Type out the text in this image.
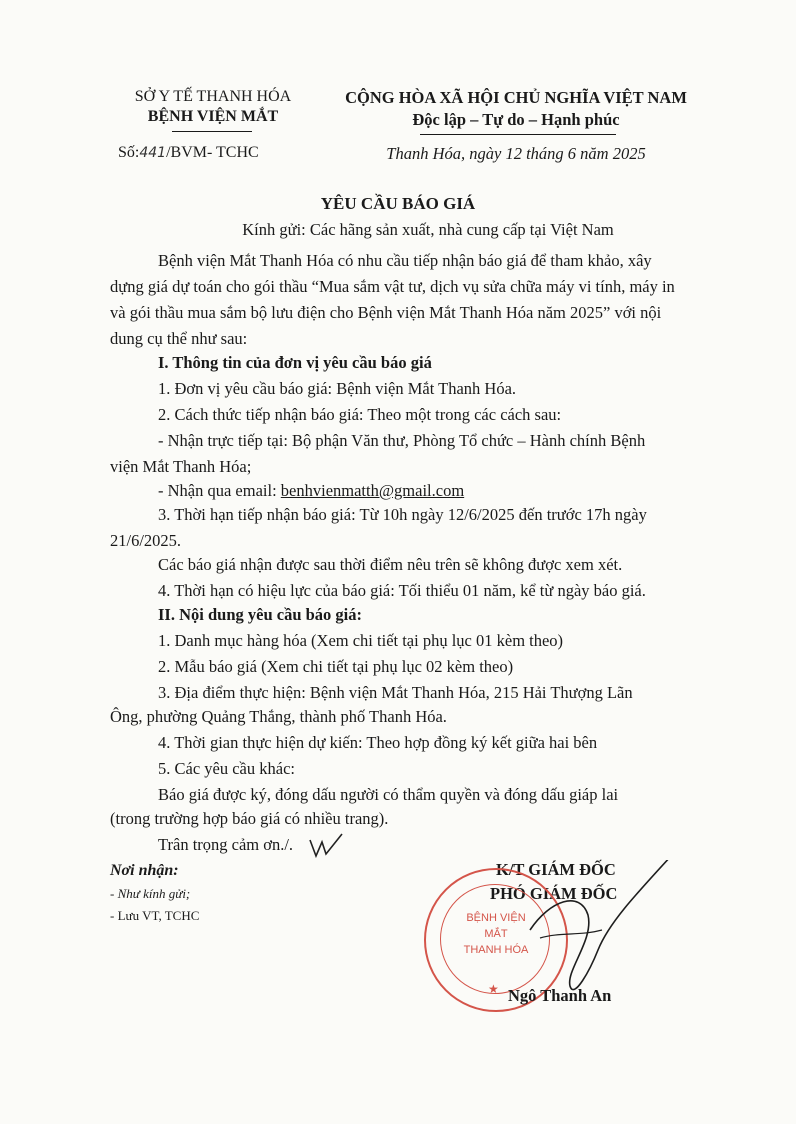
SỞ Y TẾ THANH HÓA
BỆNH VIỆN MẮT
Số:441/BVM- TCHC
CỘNG HÒA XÃ HỘI CHỦ NGHĨA VIỆT NAM
Độc lập – Tự do – Hạnh phúc
Thanh Hóa, ngày 12 tháng 6 năm 2025
YÊU CẦU BÁO GIÁ
Kính gửi: Các hãng sản xuất, nhà cung cấp tại Việt Nam
Bệnh viện Mắt Thanh Hóa có nhu cầu tiếp nhận báo giá để tham khảo, xây
dựng giá dự toán cho gói thầu “Mua sắm vật tư, dịch vụ sửa chữa máy vi tính, máy in
và gói thầu mua sắm bộ lưu điện cho Bệnh viện Mắt Thanh Hóa năm 2025” với nội
dung cụ thể như sau:
I. Thông tin của đơn vị yêu cầu báo giá
1. Đơn vị yêu cầu báo giá: Bệnh viện Mắt Thanh Hóa.
2. Cách thức tiếp nhận báo giá: Theo một trong các cách sau:
- Nhận trực tiếp tại: Bộ phận Văn thư, Phòng Tổ chức – Hành chính Bệnh
viện Mắt Thanh Hóa;
- Nhận qua email: benhvienmatth@gmail.com
3. Thời hạn tiếp nhận báo giá: Từ 10h ngày 12/6/2025 đến trước 17h ngày
21/6/2025.
Các báo giá nhận được sau thời điểm nêu trên sẽ không được xem xét.
4. Thời hạn có hiệu lực của báo giá: Tối thiểu 01 năm, kể từ ngày báo giá.
II. Nội dung yêu cầu báo giá:
1. Danh mục hàng hóa (Xem chi tiết tại phụ lục 01 kèm theo)
2. Mẫu báo giá (Xem chi tiết tại phụ lục 02 kèm theo)
3. Địa điểm thực hiện: Bệnh viện Mắt Thanh Hóa, 215 Hải Thượng Lãn
Ông, phường Quảng Thắng, thành phố Thanh Hóa.
4. Thời gian thực hiện dự kiến: Theo hợp đồng ký kết giữa hai bên
5. Các yêu cầu khác:
Báo giá được ký, đóng dấu người có thẩm quyền và đóng dấu giáp lai
(trong trường hợp báo giá có nhiều trang).
Trân trọng cảm ơn./.
Nơi nhận:
- Như kính gửi;
- Lưu VT, TCHC
K/T GIÁM ĐỐC
PHÓ GIÁM ĐỐC
BỆNH VIỆN
MẮT
THANH HÓA
★ Ngô Thanh An
